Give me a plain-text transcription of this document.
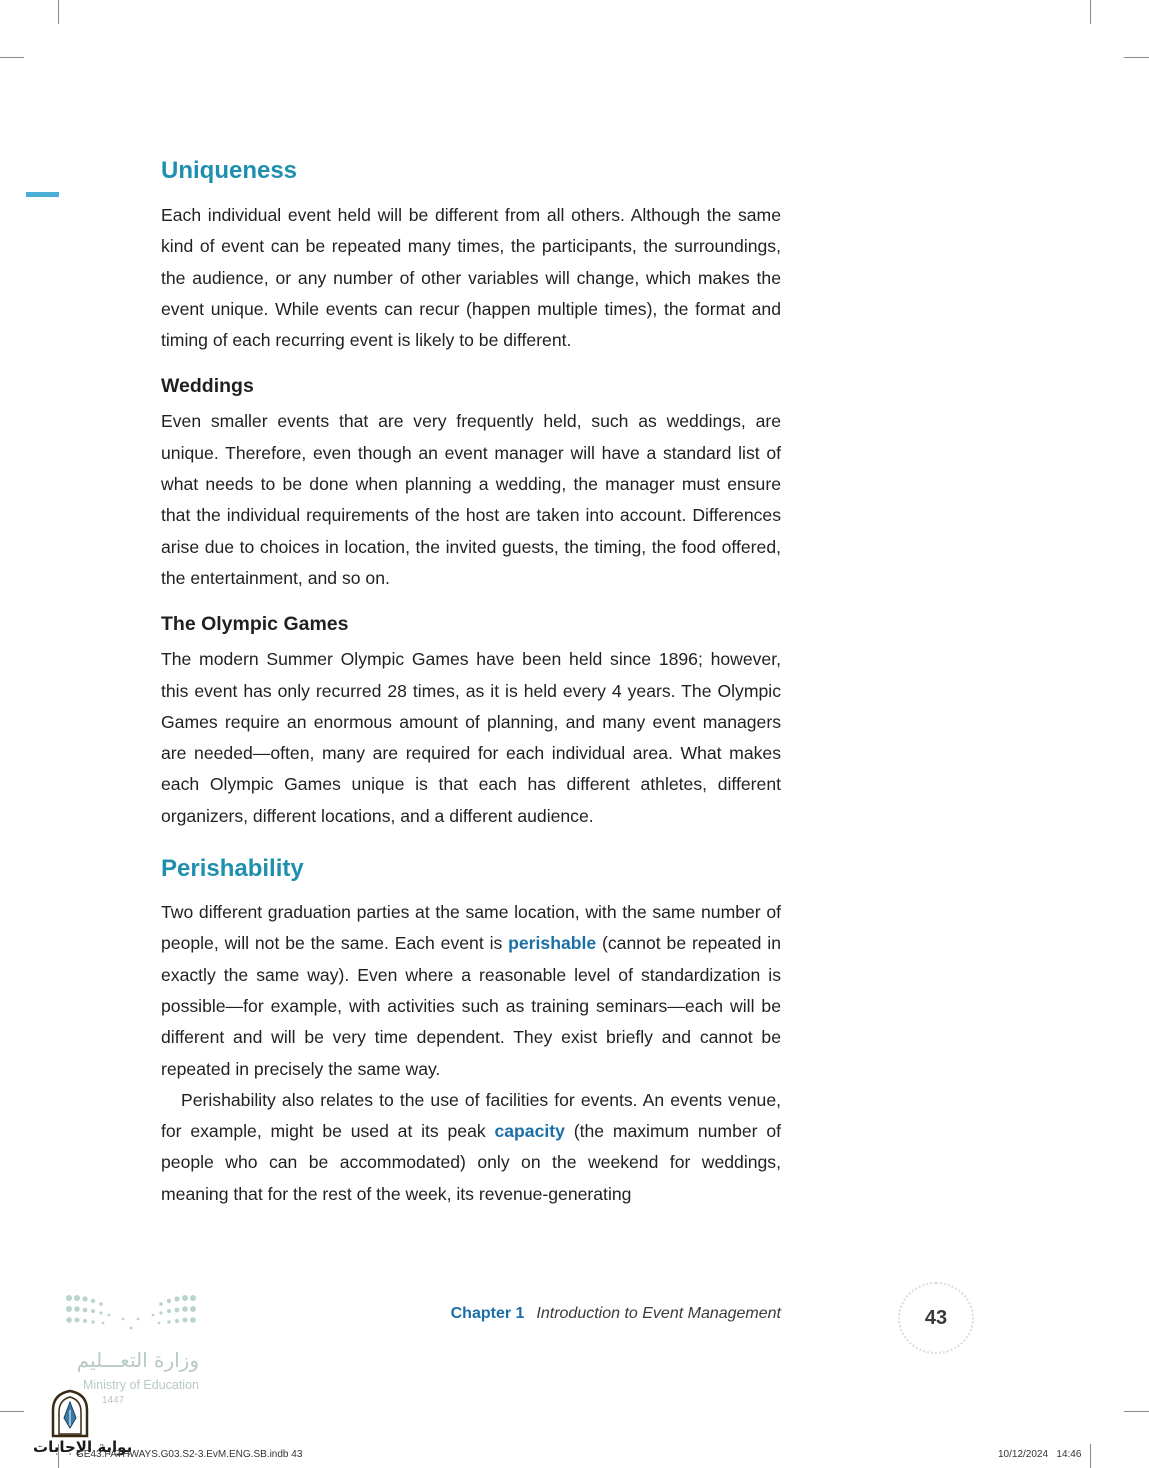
Uniqueness

Each individual event held will be different from all others. Although the same kind of event can be repeated many times, the participants, the surroundings, the audience, or any number of other variables will change, which makes the event unique. While events can recur (happen multiple times), the format and timing of each recurring event is likely to be different.

Weddings

Even smaller events that are very frequently held, such as weddings, are unique. Therefore, even though an event manager will have a standard list of what needs to be done when planning a wedding, the manager must ensure that the individual requirements of the host are taken into account. Differences arise due to choices in location, the invited guests, the timing, the food offered, the entertainment, and so on.

The Olympic Games

The modern Summer Olympic Games have been held since 1896; however, this event has only recurred 28 times, as it is held every 4 years. The Olympic Games require an enormous amount of planning, and many event managers are needed—often, many are required for each individual area. What makes each Olympic Games unique is that each has different athletes, different organizers, different locations, and a different audience.

Perishability

Two different graduation parties at the same location, with the same number of people, will not be the same. Each event is perishable (cannot be repeated in exactly the same way). Even where a reasonable level of standardization is possible—for example, with activities such as training seminars—each will be different and will be very time dependent. They exist briefly and cannot be repeated in precisely the same way.

Perishability also relates to the use of facilities for events. An events venue, for example, might be used at its peak capacity (the maximum number of people who can be accommodated) only on the weekend for weddings, meaning that for the rest of the week, its revenue-generating

وزارة التعـــليم
Ministry of Education
1447
بوابة الإجابات
Chapter 1 Introduction to Event Management	43
GE43.PATHWAYS.G03.S2-3.EvM.ENG.SB.indb 43	10/12/2024   14:46
